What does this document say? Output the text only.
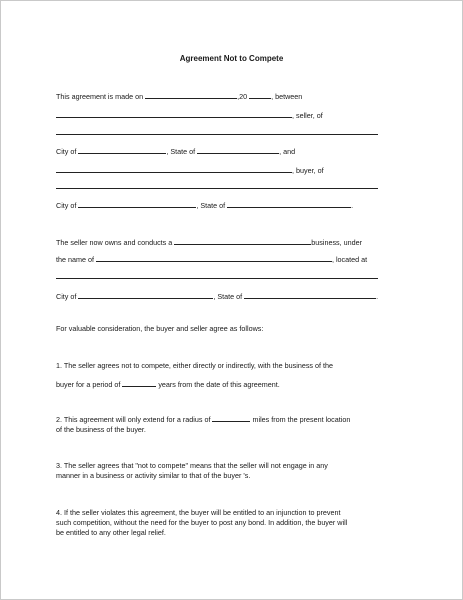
Agreement Not to Compete
This agreement is made on	,20	, between
, seller, of
City of	, State of	, and
, buyer, of
City of	, State of	.
The seller now owns and conducts a	business, under
the name of	, located at
City of	, State of	.
For valuable consideration, the buyer and seller agree as follows:
1. The seller agrees not to compete, either directly or indirectly, with the business of the
buyer for a period of	years from the date of this agreement.
2. This agreement will only extend for a radius of	miles from the present location
of the business of the buyer.
3. The seller agrees that "not to compete" means that the seller will not engage in any
manner in a business or activity similar to that of the buyer 's.
4. If the seller violates this agreement, the buyer will be entitled to an injunction to prevent
such competition, without the need for the buyer to post any bond. In addition, the buyer will
be entitled to any other legal relief.
